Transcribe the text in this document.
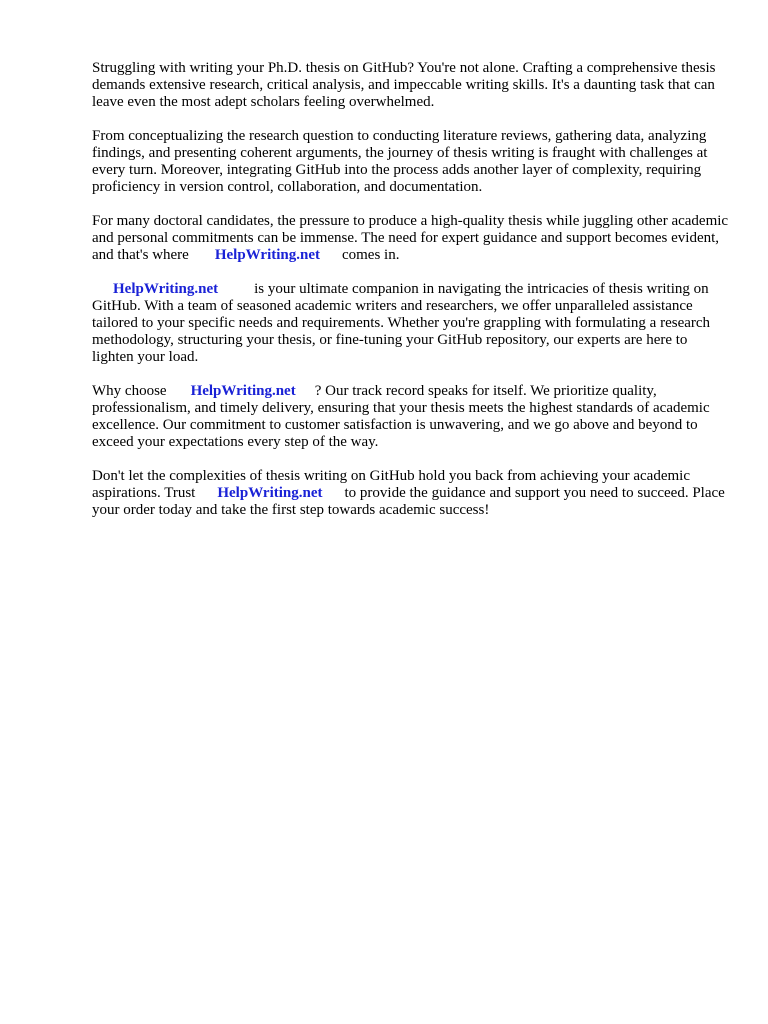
Struggling with writing your Ph.D. thesis on GitHub? You're not alone. Crafting a comprehensive thesis demands extensive research, critical analysis, and impeccable writing skills. It's a daunting task that can leave even the most adept scholars feeling overwhelmed.

From conceptualizing the research question to conducting literature reviews, gathering data, analyzing findings, and presenting coherent arguments, the journey of thesis writing is fraught with challenges at every turn. Moreover, integrating GitHub into the process adds another layer of complexity, requiring proficiency in version control, collaboration, and documentation.

For many doctoral candidates, the pressure to produce a high-quality thesis while juggling other academic and personal commitments can be immense. The need for expert guidance and support becomes evident, and that's where HelpWriting.net comes in.

HelpWriting.net is your ultimate companion in navigating the intricacies of thesis writing on GitHub. With a team of seasoned academic writers and researchers, we offer unparalleled assistance tailored to your specific needs and requirements. Whether you're grappling with formulating a research methodology, structuring your thesis, or fine-tuning your GitHub repository, our experts are here to lighten your load.

Why choose HelpWriting.net ? Our track record speaks for itself. We prioritize quality, professionalism, and timely delivery, ensuring that your thesis meets the highest standards of academic excellence. Our commitment to customer satisfaction is unwavering, and we go above and beyond to exceed your expectations every step of the way.

Don't let the complexities of thesis writing on GitHub hold you back from achieving your academic aspirations. Trust HelpWriting.net to provide the guidance and support you need to succeed. Place your order today and take the first step towards academic success!
